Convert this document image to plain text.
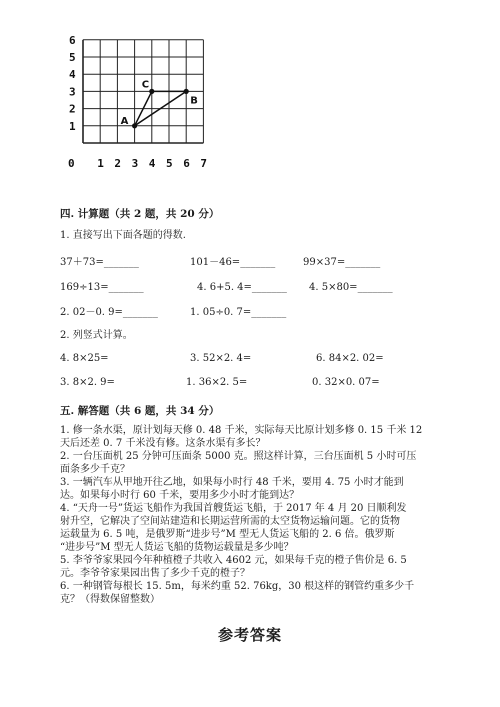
6
5
4
3
2
1
0 1 2 3 4 5 6 7
A
C
B
四. 计算题（共 2 题，共 20 分）
1. 直接写出下面各题的得数.
37＋73=_______	101－46=_______	99×37=_______
169÷13=_______	4. 6+5. 4=_______ 4. 5×80=_______
2. 02－0. 9=_______	1. 05÷0. 7=_______
2. 列竖式计算。
4. 8×25=	3. 52×2. 4=	6. 84×2. 02=
3. 8×2. 9=	1. 36×2. 5=	0. 32×0. 07=
五. 解答题（共 6 题，共 34 分）
1. 修一条水渠，原计划每天修 0. 48 千米，实际每天比原计划多修 0. 15 千米 12
天后还差 0. 7 千米没有修。这条水渠有多长？
2. 一台压面机 25 分钟可压面条 5000 克。照这样计算，三台压面机 5 小时可压
面条多少千克？
3. 一辆汽车从甲地开往乙地，如果每小时行 48 千米，要用 4. 75 小时才能到
达。如果每小时行 60 千米，要用多少小时才能到达？
4. “天舟一号”货运飞船作为我国首艘货运飞船，于 2017 年 4 月 20 日顺利发
射升空，它解决了空间站建造和长期运营所需的太空货物运输问题。它的货物
运载量为 6. 5 吨，是俄罗斯“进步号”M 型无人货运飞船的 2. 6 倍。俄罗斯
“进步号”M 型无人货运飞船的货物运载量是多少吨？
5. 李爷爷家果园今年种植橙子共收入 4602 元，如果每千克的橙子售价是 6. 5
元。李爷爷家果园出售了多少千克的橙子？
6. 一种钢管每根长 15. 5m，每米约重 52. 76kg，30 根这样的钢管约重多少千
克？（得数保留整数）
参考答案
